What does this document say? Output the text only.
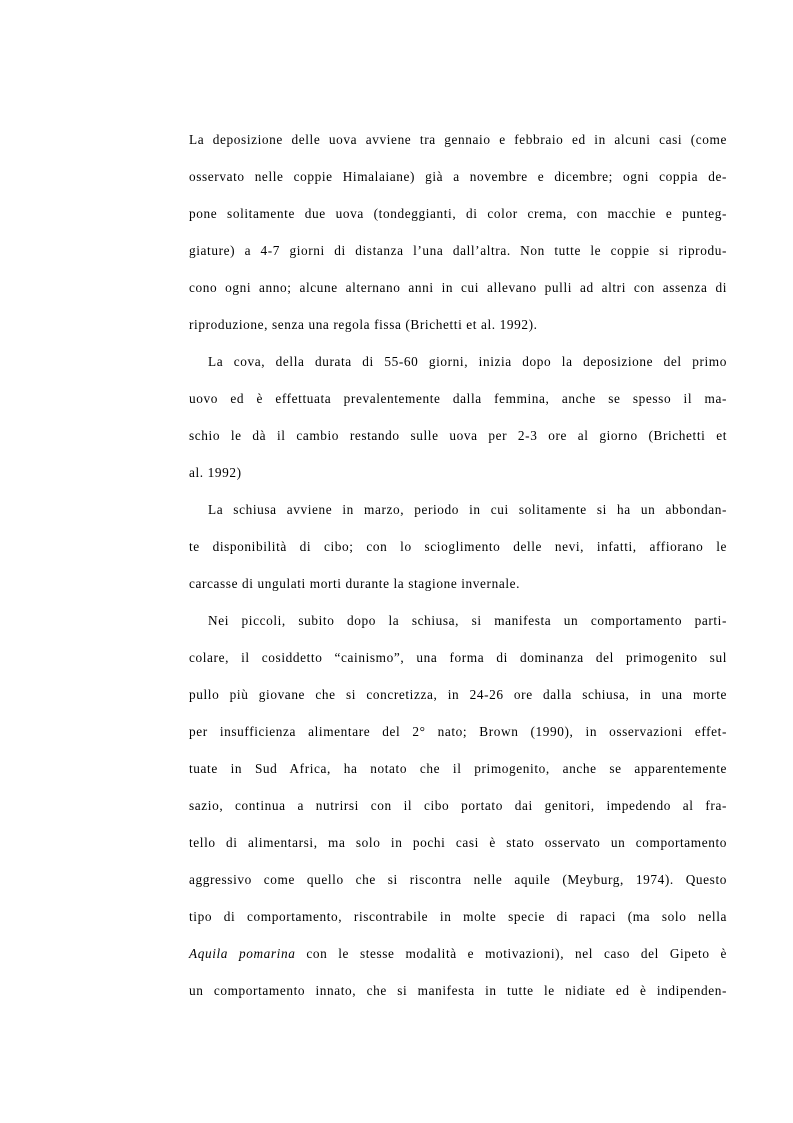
La deposizione delle uova avviene tra gennaio e febbraio ed in alcuni casi (come
osservato nelle coppie Himalaiane) già a novembre e dicembre; ogni coppia de-
pone solitamente due uova (tondeggianti, di color crema, con macchie e punteg-
giature) a 4-7 giorni di distanza l’una dall’altra. Non tutte le coppie si riprodu-
cono ogni anno; alcune alternano anni in cui allevano pulli ad altri con assenza di
riproduzione, senza una regola fissa (Brichetti et al. 1992).
La cova, della durata di 55-60 giorni, inizia dopo la deposizione del primo
uovo ed è effettuata prevalentemente dalla femmina, anche se spesso il ma-
schio le dà il cambio restando sulle uova per 2-3 ore al giorno (Brichetti et
al. 1992)
La schiusa avviene in marzo, periodo in cui solitamente si ha un abbondan-
te disponibilità di cibo; con lo scioglimento delle nevi, infatti, affiorano le
carcasse di ungulati morti durante la stagione invernale.
Nei piccoli, subito dopo la schiusa, si manifesta un comportamento parti-
colare, il cosiddetto “cainismo”, una forma di dominanza del primogenito sul
pullo più giovane che si concretizza, in 24-26 ore dalla schiusa, in una morte
per insufficienza alimentare del 2° nato; Brown (1990), in osservazioni effet-
tuate in Sud Africa, ha notato che il primogenito, anche se apparentemente
sazio, continua a nutrirsi con il cibo portato dai genitori, impedendo al fra-
tello di alimentarsi, ma solo in pochi casi è stato osservato un comportamento
aggressivo come quello che si riscontra nelle aquile (Meyburg, 1974). Questo
tipo di comportamento, riscontrabile in molte specie di rapaci (ma solo nella
Aquila pomarina con le stesse modalità e motivazioni), nel caso del Gipeto è
un comportamento innato, che si manifesta in tutte le nidiate ed è indipenden-
